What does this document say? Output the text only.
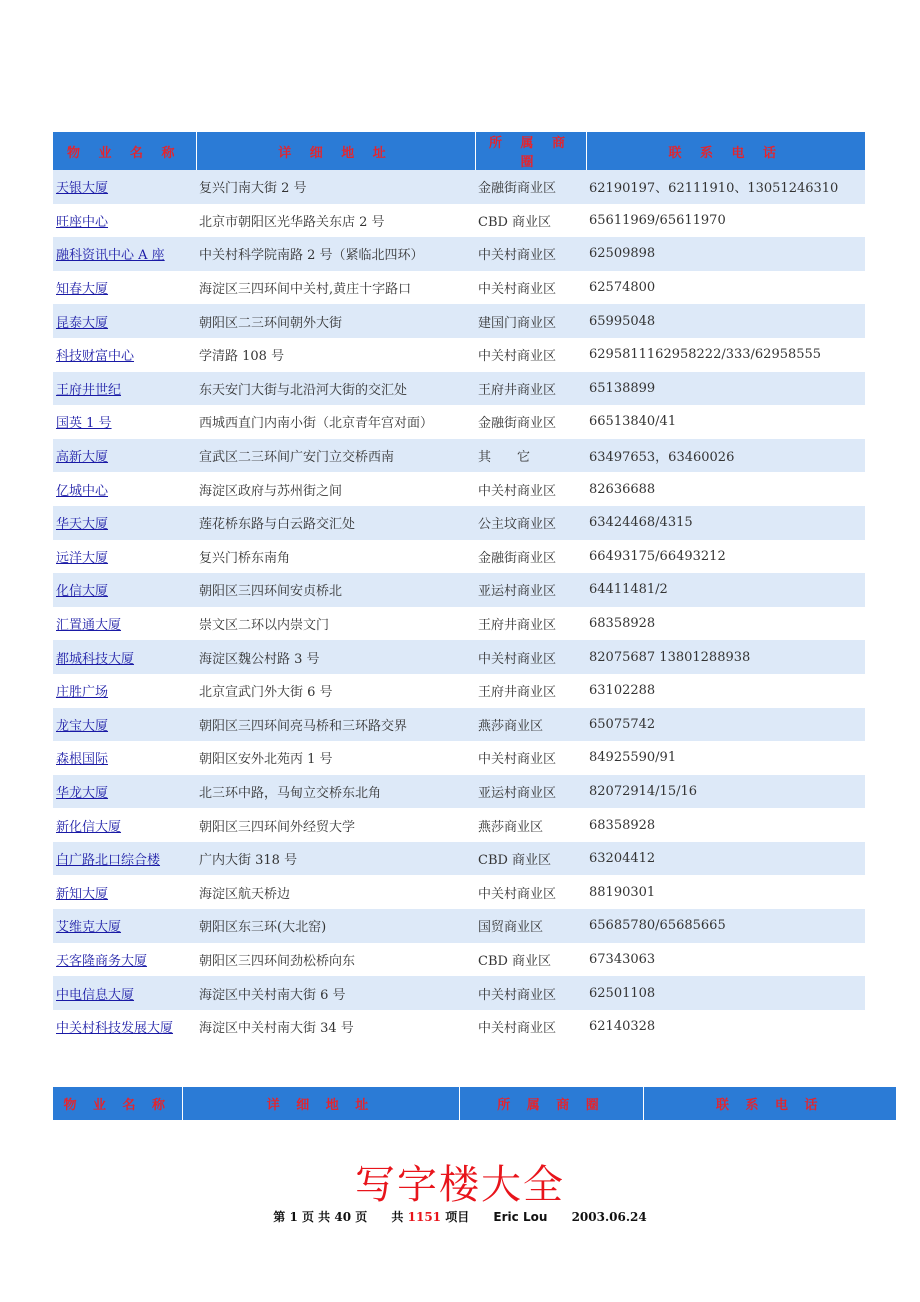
物 业 名 称	详 细 地 址	所 属 商 圈	联 系 电 话
天银大厦	复兴门南大街 2 号	金融街商业区	62190197、62111910、13051246310
旺座中心	北京市朝阳区光华路关东店 2 号	CBD 商业区	65611969/65611970
融科资讯中心 A 座	中关村科学院南路 2 号（紧临北四环）	中关村商业区	62509898
知春大厦	海淀区三四环间中关村,黄庄十字路口	中关村商业区	62574800
昆泰大厦	朝阳区二三环间朝外大街	建国门商业区	65995048
科技财富中心	学清路 108 号	中关村商业区	6295811162958222/333/62958555
王府井世纪	东天安门大街与北沿河大街的交汇处	王府井商业区	65138899
国英 1 号	西城西直门内南小街（北京青年宫对面）	金融街商业区	66513840/41
高新大厦	宣武区二三环间广安门立交桥西南	其　　它	63497653，63460026
亿城中心	海淀区政府与苏州街之间	中关村商业区	82636688
华天大厦	莲花桥东路与白云路交汇处	公主坟商业区	63424468/4315
远洋大厦	复兴门桥东南角	金融街商业区	66493175/66493212
化信大厦	朝阳区三四环间安贞桥北	亚运村商业区	64411481/2
汇置通大厦	崇文区二环以内崇文门	王府井商业区	68358928
都城科技大厦	海淀区魏公村路 3 号	中关村商业区	82075687 13801288938
庄胜广场	北京宣武门外大街 6 号	王府井商业区	63102288
龙宝大厦	朝阳区三四环间亮马桥和三环路交界	燕莎商业区	65075742
森根国际	朝阳区安外北苑丙 1 号	中关村商业区	84925590/91
华龙大厦	北三环中路，马甸立交桥东北角	亚运村商业区	82072914/15/16
新化信大厦	朝阳区三四环间外经贸大学	燕莎商业区	68358928
白广路北口综合楼	广内大街 318 号	CBD 商业区	63204412
新知大厦	海淀区航天桥边	中关村商业区	88190301
艾维克大厦	朝阳区东三环(大北窑)	国贸商业区	65685780/65685665
天客隆商务大厦	朝阳区三四环间劲松桥向东	CBD 商业区	67343063
中电信息大厦	海淀区中关村南大街 6 号	中关村商业区	62501108
中关村科技发展大厦	海淀区中关村南大街 34 号	中关村商业区	62140328
物 业 名 称	详 细 地 址	所 属 商 圈	联 系 电 话
写字楼大全
第 1 页 共 40 页 共 1151 项目 Eric Lou 2003.06.24
